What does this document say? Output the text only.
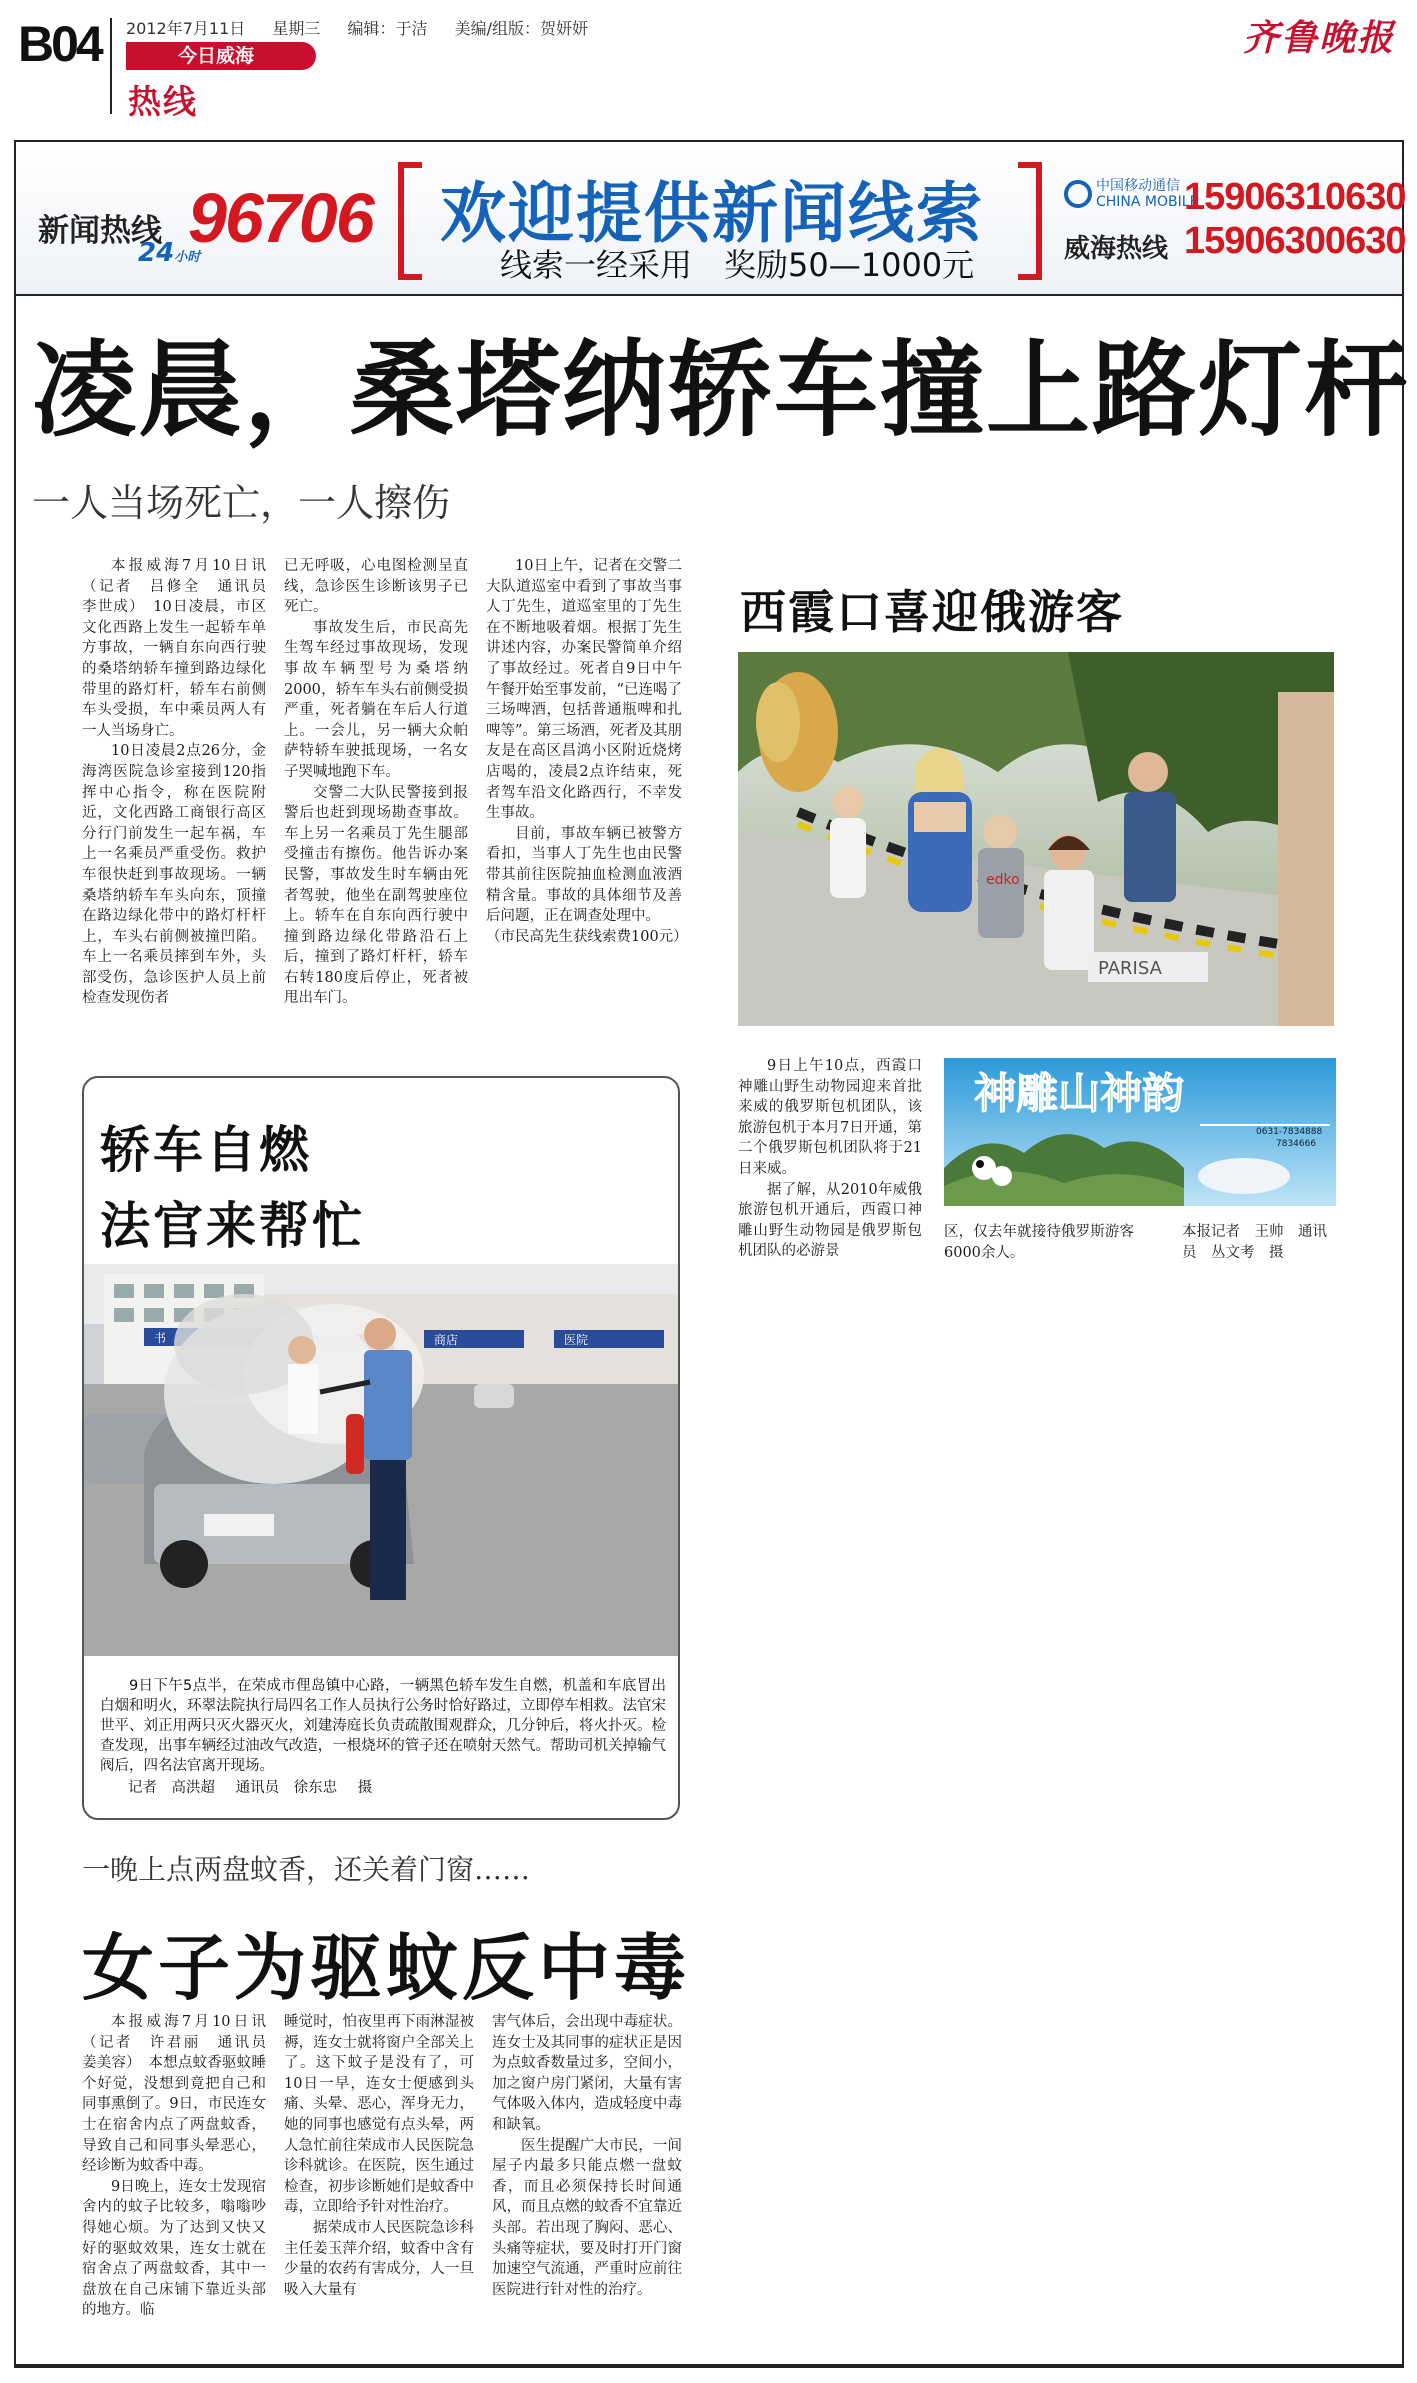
B04 2012年7月11日 星期三 编辑：于洁 美编/组版：贺妍妍
今日威海
热线
齐鲁晚报
新闻热线 96706
24小时
欢迎提供新闻线索
线索一经采用　奖励50—1000元
中国移动通信
CHINA MOBILE
威海热线
15906310630
15906300630
凌晨，桑塔纳轿车撞上路灯杆
一人当场死亡，一人擦伤

本报威海7月10日讯（记者　吕修全　通讯员　李世成）　10日凌晨，市区文化西路上发生一起轿车单方事故，一辆自东向西行驶的桑塔纳轿车撞到路边绿化带里的路灯杆，轿车右前侧车头受损，车中乘员两人有一人当场身亡。

10日凌晨2点26分，金海湾医院急诊室接到120指挥中心指令，称在医院附近，文化西路工商银行高区分行门前发生一起车祸，车上一名乘员严重受伤。救护车很快赶到事故现场。一辆桑塔纳轿车车头向东，顶撞在路边绿化带中的路灯杆杆上，车头右前侧被撞凹陷。车上一名乘员摔到车外，头部受伤，急诊医护人员上前检查发现伤者

已无呼吸，心电图检测呈直线，急诊医生诊断该男子已死亡。

事故发生后，市民高先生驾车经过事故现场，发现事故车辆型号为桑塔纳2000，轿车车头右前侧受损严重，死者躺在车后人行道上。一会儿，另一辆大众帕萨特轿车驶抵现场，一名女子哭喊地跑下车。

交警二大队民警接到报警后也赶到现场勘查事故。车上另一名乘员丁先生腿部受撞击有擦伤。他告诉办案民警，事故发生时车辆由死者驾驶，他坐在副驾驶座位上。轿车在自东向西行驶中撞到路边绿化带路沿石上后，撞到了路灯杆杆，轿车右转180度后停止，死者被甩出车门。

10日上午，记者在交警二大队道巡室中看到了事故当事人丁先生，道巡室里的丁先生在不断地吸着烟。根据丁先生讲述内容，办案民警简单介绍了事故经过。死者自9日中午午餐开始至事发前，“已连喝了三场啤酒，包括普通瓶啤和扎啤等”。第三场酒，死者及其朋友是在高区昌鸿小区附近烧烤店喝的，凌晨2点许结束，死者驾车沿文化路西行，不幸发生事故。

目前，事故车辆已被警方看扣，当事人丁先生也由民警带其前往医院抽血检测血液酒精含量。事故的具体细节及善后问题，正在调查处理中。

（市民高先生获线索费100元）

西霞口喜迎俄游客
edko
PARISA

9日上午10点，西霞口神雕山野生动物园迎来首批来威的俄罗斯包机团队，该旅游包机于本月7日开通，第二个俄罗斯包机团队将于21日来威。

据了解，从2010年威俄旅游包机开通后，西霞口神雕山野生动物园是俄罗斯包机团队的必游景

神雕山神韵
0631-7834888
7834666

区，仅去年就接待俄罗斯游客6000余人。

本报记者　王帅　通讯员　丛文考　摄

轿车自燃
法官来帮忙
书	商店	医院

9日下午5点半，在荣成市俚岛镇中心路，一辆黑色轿车发生自燃，机盖和车底冒出白烟和明火，环翠法院执行局四名工作人员执行公务时恰好路过，立即停车相救。法官宋世平、刘正用两只灭火器灭火，刘建涛庭长负责疏散围观群众，几分钟后，将火扑灭。检查发现，出事车辆经过油改气改造，一根烧坏的管子还在喷射天然气。帮助司机关掉输气阀后，四名法官离开现场。

记者　高洪超 通讯员　徐东忠 摄
一晚上点两盘蚊香，还关着门窗……
女子为驱蚊反中毒

本报威海7月10日讯（记者　许君丽　通讯员　姜美容）　本想点蚊香驱蚊睡个好觉，没想到竟把自己和同事熏倒了。9日，市民连女士在宿舍内点了两盘蚊香，导致自己和同事头晕恶心，经诊断为蚊香中毒。

9日晚上，连女士发现宿舍内的蚊子比较多，嗡嗡吵得她心烦。为了达到又快又好的驱蚊效果，连女士就在宿舍点了两盘蚊香，其中一盘放在自己床铺下靠近头部的地方。临

睡觉时，怕夜里再下雨淋湿被褥，连女士就将窗户全部关上了。这下蚊子是没有了，可10日一早，连女士便感到头痛、头晕、恶心，浑身无力，她的同事也感觉有点头晕，两人急忙前往荣成市人民医院急诊科就诊。在医院，医生通过检查，初步诊断她们是蚊香中毒，立即给予针对性治疗。

据荣成市人民医院急诊科主任姜玉萍介绍，蚊香中含有少量的农药有害成分，人一旦吸入大量有

害气体后，会出现中毒症状。连女士及其同事的症状正是因为点蚊香数量过多，空间小，加之窗户房门紧闭，大量有害气体吸入体内，造成轻度中毒和缺氧。

医生提醒广大市民，一间屋子内最多只能点燃一盘蚊香，而且必须保持长时间通风，而且点燃的蚊香不宜靠近头部。若出现了胸闷、恶心、头痛等症状，要及时打开门窗加速空气流通，严重时应前往医院进行针对性的治疗。
